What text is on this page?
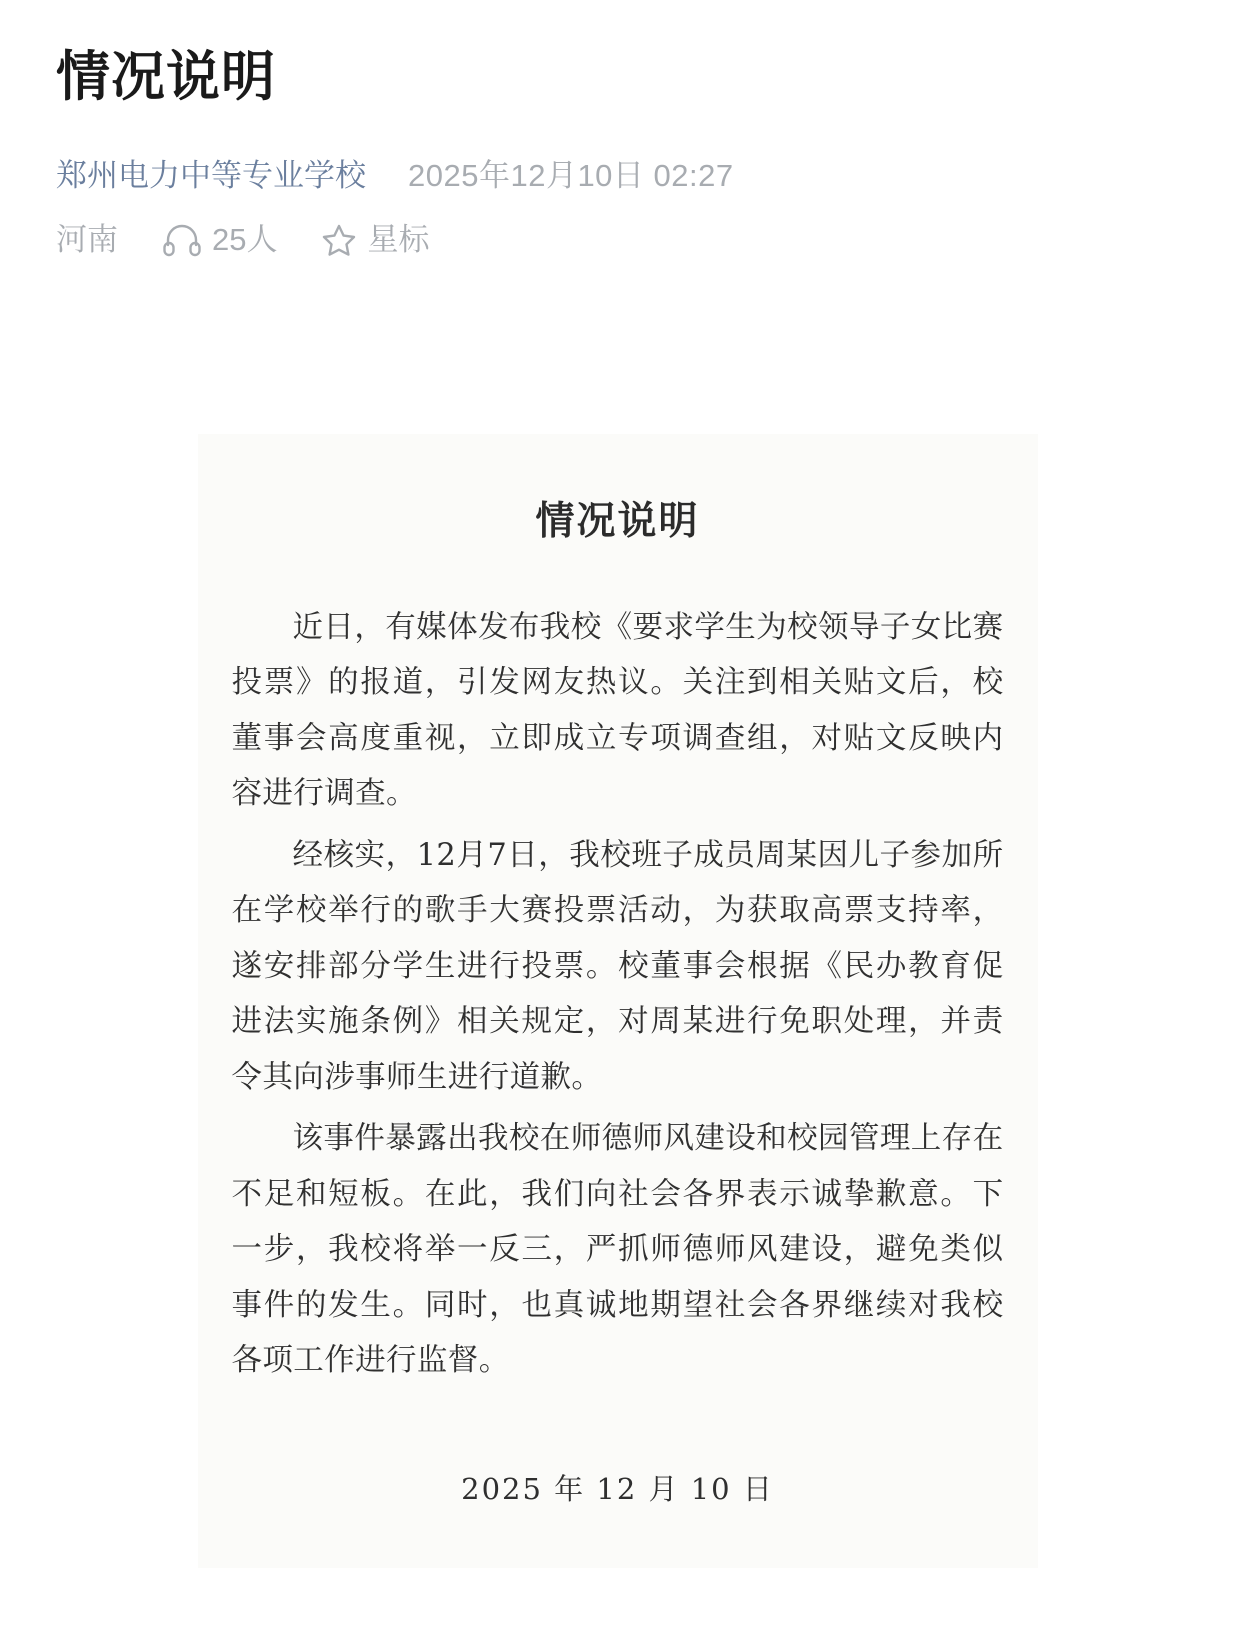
情况说明
郑州电力中等专业学校 2025年12月10日 02:27
河南	25人	星标
情况说明

近日，有媒体发布我校《要求学生为校领导子女比赛投票》的报道，引发网友热议。关注到相关贴文后，校董事会高度重视，立即成立专项调查组，对贴文反映内容进行调查。

经核实，12月7日，我校班子成员周某因儿子参加所在学校举行的歌手大赛投票活动，为获取高票支持率，遂安排部分学生进行投票。校董事会根据《民办教育促进法实施条例》相关规定，对周某进行免职处理，并责令其向涉事师生进行道歉。

该事件暴露出我校在师德师风建设和校园管理上存在不足和短板。在此，我们向社会各界表示诚挚歉意。下一步，我校将举一反三，严抓师德师风建设，避免类似事件的发生。同时，也真诚地期望社会各界继续对我校各项工作进行监督。

2025 年 12 月 10 日
